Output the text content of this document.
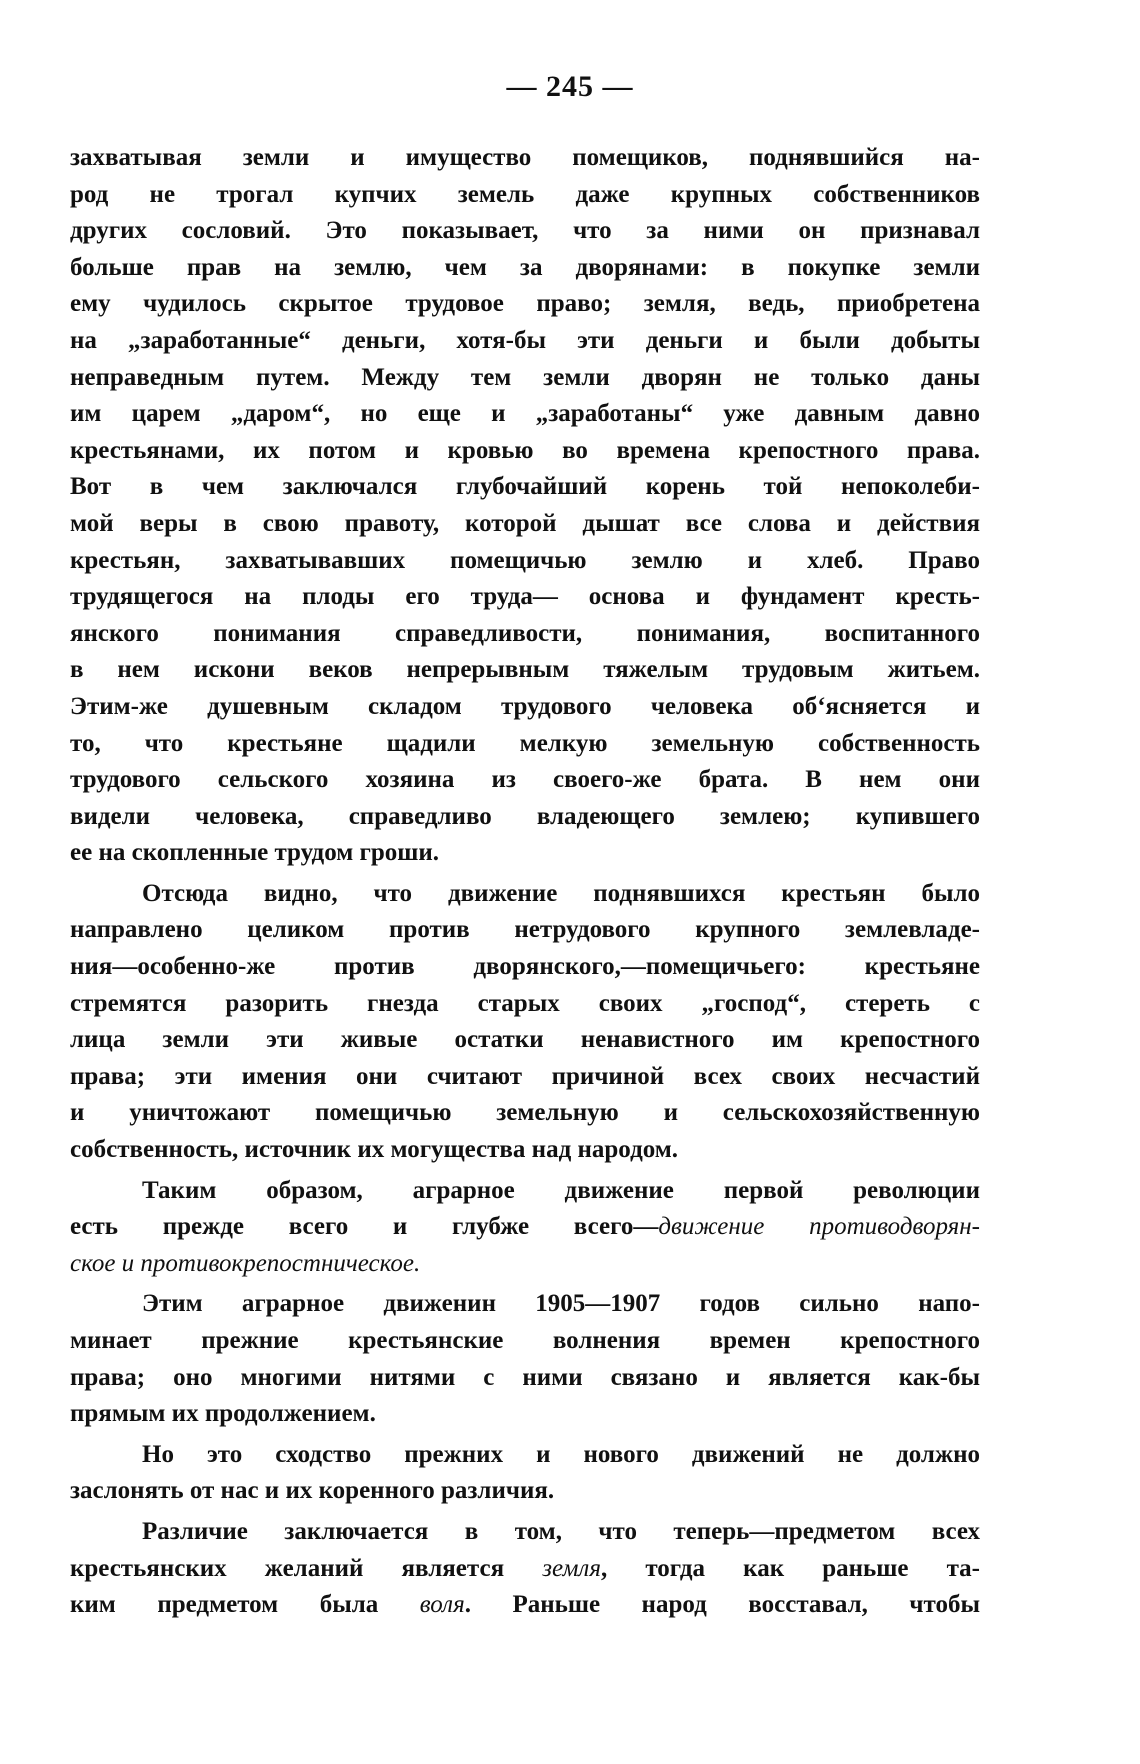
— 245 —
захватывая земли и имущество помещиков, поднявшийся на-
род не трогал купчих земель даже крупных собственников
других сословий. Это показывает, что за ними он признавал
больше прав на землю, чем за дворянами: в покупке земли
ему чудилось скрытое трудовое право; земля, ведь, приобретена
на „заработанные“ деньги, хотя-бы эти деньги и были добыты
неправедным путем. Между тем земли дворян не только даны
им царем „даром“, но еще и „заработаны“ уже давным давно
крестьянами, их потом и кровью во времена крепостного права.
Вот в чем заключался глубочайший корень той непоколеби-
мой веры в свою правоту, которой дышат все слова и действия
крестьян, захватывавших помещичью землю и хлеб. Право
трудящегося на плоды его труда— основа и фундамент кресть-
янского понимания справедливости, понимания, воспитанного
в нем искони веков непрерывным тяжелым трудовым житьем.
Этим-же душевным складом трудового человека об‘ясняется и
то, что крестьяне щадили мелкую земельную собственность
трудового сельского хозяина из своего-же брата. В нем они
видели человека, справедливо владеющего землею; купившего
ее на скопленные трудом гроши.
Отсюда видно, что движение поднявшихся крестьян было
направлено целиком против нетрудового крупного землевладе-
ния—особенно-же против дворянского,—помещичьего: крестьяне
стремятся разорить гнезда старых своих „господ“, стереть с
лица земли эти живые остатки ненавистного им крепостного
права; эти имения они считают причиной всех своих несчастий
и уничтожают помещичью земельную и сельскохозяйственную
собственность, источник их могущества над народом.
Таким образом, аграрное движение первой революции
есть прежде всего и глубже всего—движение противодворян-
ское и противокрепостническое.
Этим аграрное движенин 1905—1907 годов сильно напо-
минает прежние крестьянские волнения времен крепостного
права; оно многими нитями с ними связано и является как-бы
прямым их продолжением.
Но это сходство прежних и нового движений не должно
заслонять от нас и их коренного различия.
Различие заключается в том, что теперь—предметом всех
крестьянских желаний является земля, тогда как раньше та-
ким предметом была воля. Раньше народ восставал, чтобы
